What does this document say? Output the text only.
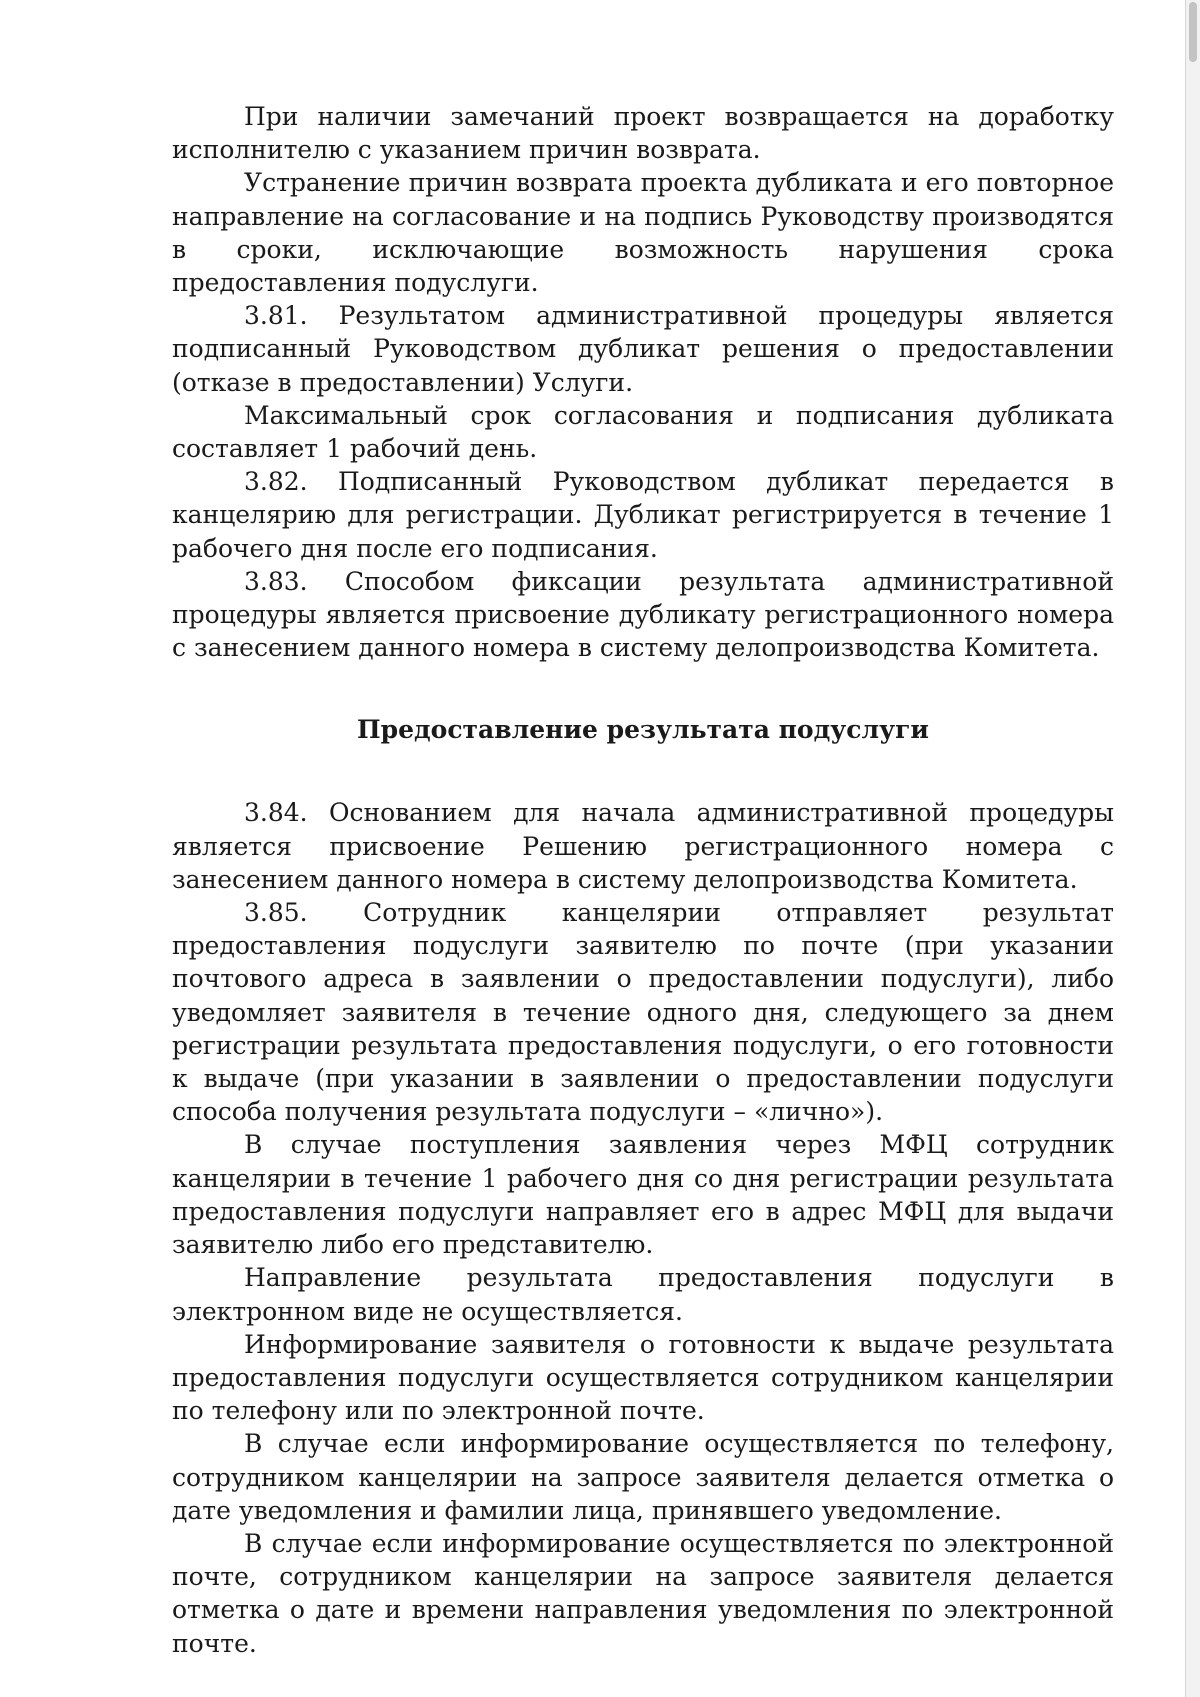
При наличии замечаний проект возвращается на доработку исполнителю с указанием причин возврата.

Устранение причин возврата проекта дубликата и его повторное направление на согласование и на подпись Руководству производятся в сроки, исключающие возможность нарушения срока предоставления подуслуги.

3.81. Результатом административной процедуры является подписанный Руководством дубликат решения о предоставлении (отказе в предоставлении) Услуги.

Максимальный срок согласования и подписания дубликата составляет 1 рабочий день.

3.82. Подписанный Руководством дубликат передается в канцелярию для регистрации. Дубликат регистрируется в течение 1 рабочего дня после его подписания.

3.83. Способом фиксации результата административной процедуры является присвоение дубликату регистрационного номера с занесением данного номера в систему делопроизводства Комитета.

Предоставление результата подуслуги

3.84. Основанием для начала административной процедуры является присвоение Решению регистрационного номера с занесением данного номера в систему делопроизводства Комитета.

3.85. Сотрудник канцелярии отправляет результат предоставления подуслуги заявителю по почте (при указании почтового адреса в заявлении о предоставлении подуслуги), либо уведомляет заявителя в течение одного дня, следующего за днем регистрации результата предоставления подуслуги, о его готовности к выдаче (при указании в заявлении о предоставлении подуслуги способа получения результата подуслуги – «лично»).

В случае поступления заявления через МФЦ сотрудник канцелярии в течение 1 рабочего дня со дня регистрации результата предоставления подуслуги направляет его в адрес МФЦ для выдачи заявителю либо его представителю.

Направление результата предоставления подуслуги в электронном виде не осуществляется.

Информирование заявителя о готовности к выдаче результата предоставления подуслуги осуществляется сотрудником канцелярии по телефону или по электронной почте.

В случае если информирование осуществляется по телефону, сотрудником канцелярии на запросе заявителя делается отметка о дате уведомления и фамилии лица, принявшего уведомление.

В случае если информирование осуществляется по электронной почте, сотрудником канцелярии на запросе заявителя делается отметка о дате и времени направления уведомления по электронной почте.
